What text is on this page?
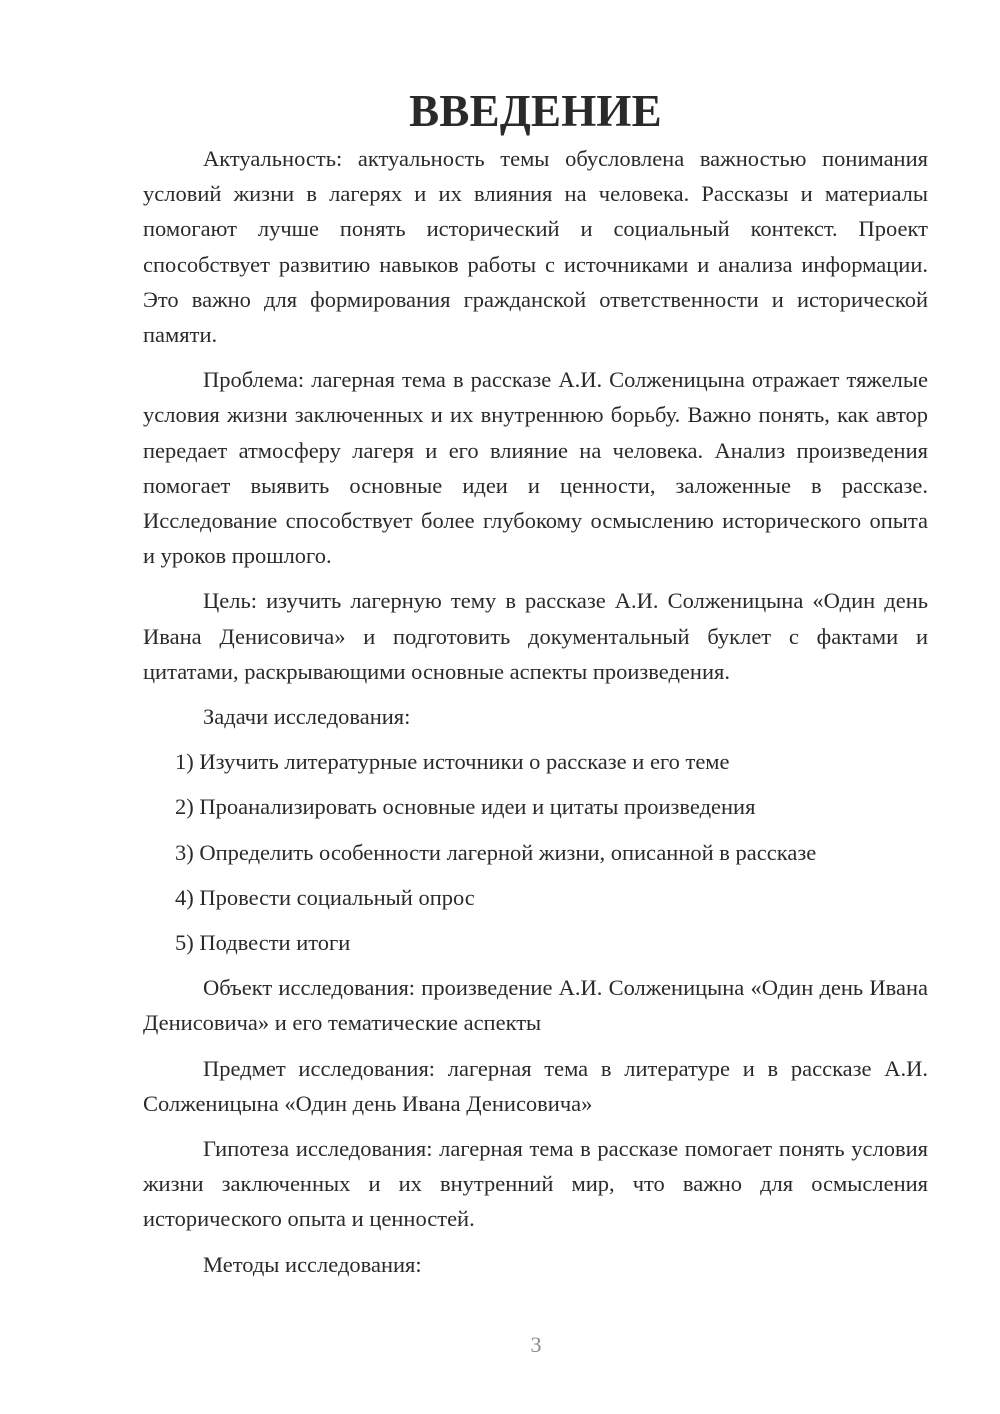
ВВЕДЕНИЕ

Актуальность: актуальность темы обусловлена важностью понимания условий жизни в лагерях и их влияния на человека. Рассказы и материалы помогают лучше понять исторический и социальный контекст. Проект способствует развитию навыков работы с источниками и анализа информации. Это важно для формирования гражданской ответственности и исторической памяти.

Проблема: лагерная тема в рассказе А.И. Солженицына отражает тяжелые условия жизни заключенных и их внутреннюю борьбу. Важно понять, как автор передает атмосферу лагеря и его влияние на человека. Анализ произведения помогает выявить основные идеи и ценности, заложенные в рассказе. Исследование способствует более глубокому осмыслению исторического опыта и уроков прошлого.

Цель: изучить лагерную тему в рассказе А.И. Солженицына «Один день Ивана Денисовича» и подготовить документальный буклет с фактами и цитатами, раскрывающими основные аспекты произведения.

Задачи исследования:

1) Изучить литературные источники о рассказе и его теме
2) Проанализировать основные идеи и цитаты произведения
3) Определить особенности лагерной жизни, описанной в рассказе
4) Провести социальный опрос
5) Подвести итоги

Объект исследования: произведение А.И. Солженицына «Один день Ивана Денисовича» и его тематические аспекты

Предмет исследования: лагерная тема в литературе и в рассказе А.И. Солженицына «Один день Ивана Денисовича»

Гипотеза исследования: лагерная тема в рассказе помогает понять условия жизни заключенных и их внутренний мир, что важно для осмысления исторического опыта и ценностей.

Методы исследования:

3
